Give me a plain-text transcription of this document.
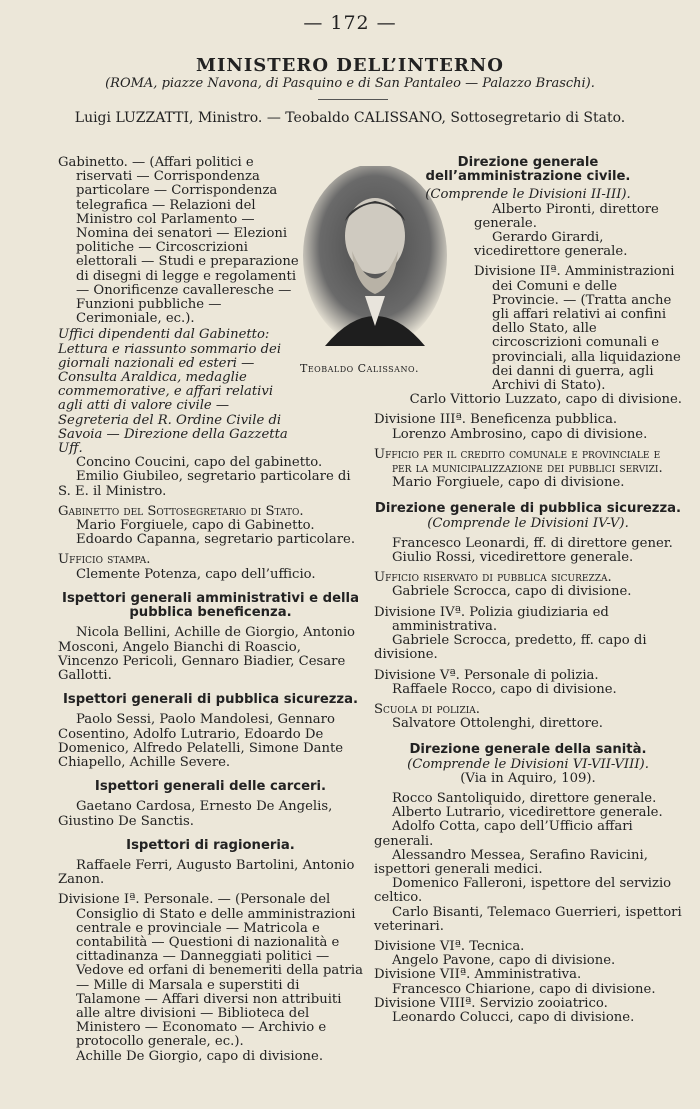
— 172 —
MINISTERO DELL’INTERNO
(ROMA, piazze Navona, di Pasquino e di San Pantaleo — Palazzo Braschi).
Luigi LUZZATTI, Ministro. — Teobaldo CALISSANO, Sottosegretario di Stato.
Teobaldo Calissano.

Gabinetto. — (Affari politici e riservati — Corrispondenza particolare — Corrispondenza telegrafica — Relazioni del Ministro col Parlamento — Nomina dei senatori — Elezioni politiche — Circoscrizioni elettorali — Studi e preparazione di disegni di legge e regolamenti — Onorificenze cavalleresche — Funzioni pubbliche — Cerimoniale, ec.).

Uffici dipendenti dal Gabinetto: Lettura e riassunto sommario dei giornali nazionali ed esteri — Consulta Araldica, medaglie commemorative, e affari relativi agli atti di valore civile — Segreteria del R. Ordine Civile di Savoia — Direzione della Gazzetta Uff.

Concino Coucini, capo del gabinetto.

Emilio Giubileo, segretario particolare di S. E. il Ministro.

Gabinetto del Sottosegretario di Stato.

Mario Forgiuele, capo di Gabinetto.

Edoardo Capanna, segretario particolare.

Ufficio stampa.

Clemente Potenza, capo dell’ufficio.

Ispettori generali amministrativi e della pubblica beneficenza.

Nicola Bellini, Achille de Giorgio, Antonio Mosconi, Angelo Bianchi di Roascio, Vincenzo Pericoli, Gennaro Biadier, Cesare Gallotti.

Ispettori generali di pubblica sicurezza.

Paolo Sessi, Paolo Mandolesi, Gennaro Cosentino, Adolfo Lutrario, Edoardo De Domenico, Alfredo Pelatelli, Simone Dante Chiapello, Achille Severe.

Ispettori generali delle carceri.

Gaetano Cardosa, Ernesto De Angelis, Giustino De Sanctis.

Ispettori di ragioneria.

Raffaele Ferri, Augusto Bartolini, Antonio Zanon.

Divisione Iª. Personale. — (Personale del Consiglio di Stato e delle amministrazioni centrale e provinciale — Matricola e contabilità — Questioni di nazionalità e cittadinanza — Danneggiati politici — Vedove ed orfani di benemeriti della patria — Mille di Marsala e superstiti di Talamone — Affari diversi non attribuiti alle altre divisioni — Biblioteca del Ministero — Economato — Archivio e protocollo generale, ec.).

Achille De Giorgio, capo di divisione.

Direzione generale
dell’amministrazione civile.

(Comprende le Divisioni II-III).

Alberto Pironti, direttore generale.

Gerardo Girardi, vicedirettore generale.

Divisione IIª. Amministrazioni dei Comuni e delle Provincie. — (Tratta anche gli affari relativi ai confini dello Stato, alle circoscrizioni comunali e provinciali, alla liquidazione dei danni di guerra, agli Archivi di Stato).

Carlo Vittorio Luzzato, capo di divisione.

Divisione IIIª. Beneficenza pubblica.

Lorenzo Ambrosino, capo di divisione.

Ufficio per il credito comunale e provinciale e per la municipalizzazione dei pubblici servizi.

Mario Forgiuele, capo di divisione.

Direzione generale di pubblica sicurezza.

(Comprende le Divisioni IV-V).

Francesco Leonardi, ff. di direttore gener.

Giulio Rossi, vicedirettore generale.

Ufficio riservato di pubblica sicurezza.

Gabriele Scrocca, capo di divisione.

Divisione IVª. Polizia giudiziaria ed amministrativa.

Gabriele Scrocca, predetto, ff. capo di divisione.

Divisione Vª. Personale di polizia.

Raffaele Rocco, capo di divisione.

Scuola di polizia.

Salvatore Ottolenghi, direttore.

Direzione generale della sanità.

(Comprende le Divisioni VI-VII-VIII).

(Via in Aquiro, 109).

Rocco Santoliquido, direttore generale.

Alberto Lutrario, vicedirettore generale.

Adolfo Cotta, capo dell’Ufficio affari generali.

Alessandro Messea, Serafino Ravicini, ispettori generali medici.

Domenico Falleroni, ispettore del servizio celtico.

Carlo Bisanti, Telemaco Guerrieri, ispettori veterinari.

Divisione VIª. Tecnica.

Angelo Pavone, capo di divisione.

Divisione VIIª. Amministrativa.

Francesco Chiarione, capo di divisione.

Divisione VIIIª. Servizio zooiatrico.

Leonardo Colucci, capo di divisione.
